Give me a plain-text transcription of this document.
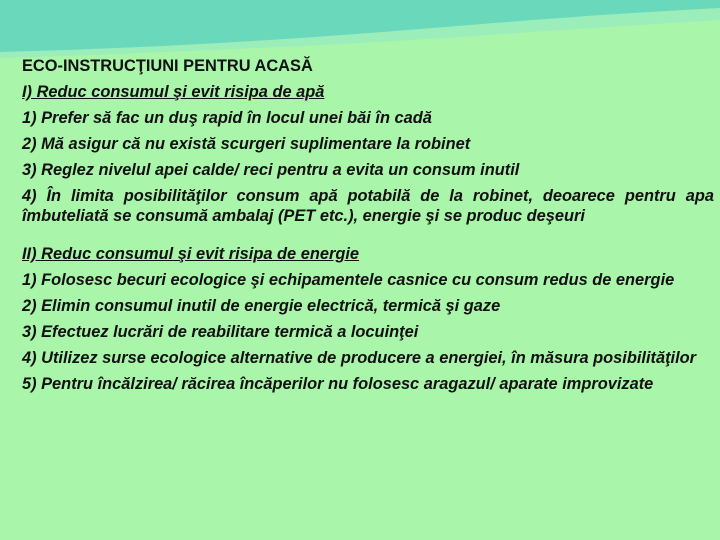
ECO-INSTRUCŢIUNI PENTRU ACASĂ
I) Reduc consumul şi evit risipa de apă
1) Prefer să fac un duş rapid în locul unei băi în cadă
2) Mă asigur că nu există scurgeri suplimentare la robinet
3) Reglez nivelul apei calde/ reci pentru a evita un consum inutil
4) În limita posibilităţilor consum apă potabilă de la robinet, deoarece pentru apa îmbuteliată se consumă ambalaj (PET etc.), energie şi se produc deşeuri
II) Reduc consumul şi evit risipa de energie
1) Folosesc becuri ecologice şi echipamentele casnice cu consum redus de energie
2) Elimin consumul inutil de energie electrică, termică şi gaze
3) Efectuez lucrări de reabilitare termică a locuinţei
4) Utilizez surse ecologice alternative de producere a energiei, în măsura posibilităţilor
5) Pentru încălzirea/ răcirea încăperilor nu folosesc aragazul/ aparate improvizate
